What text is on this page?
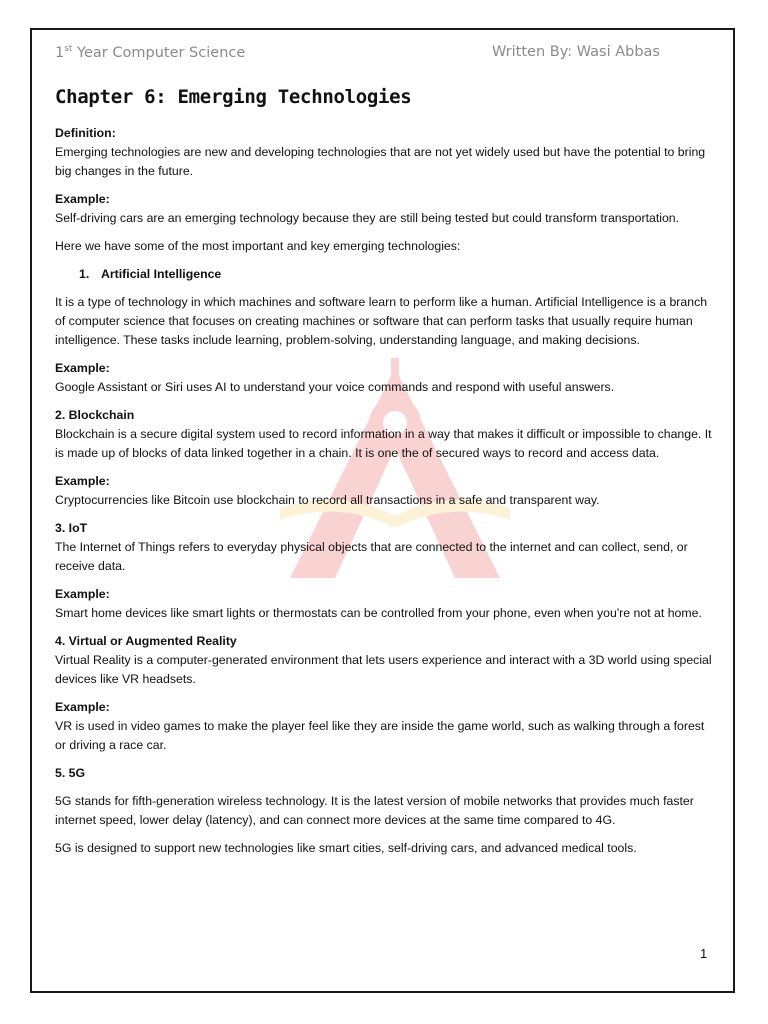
1st Year Computer Science	Written By: Wasi Abbas
Chapter 6: Emerging Technologies

Definition:
Emerging technologies are new and developing technologies that are not yet widely used but have the potential to bring big changes in the future.

Example:
Self-driving cars are an emerging technology because they are still being tested but could transform transportation.

Here we have some of the most important and key emerging technologies:

1. Artificial Intelligence

It is a type of technology in which machines and software learn to perform like a human. Artificial Intelligence is a branch of computer science that focuses on creating machines or software that can perform tasks that usually require human intelligence. These tasks include learning, problem-solving, understanding language, and making decisions.

Example:
Google Assistant or Siri uses AI to understand your voice commands and respond with useful answers.

2. Blockchain
Blockchain is a secure digital system used to record information in a way that makes it difficult or impossible to change. It is made up of blocks of data linked together in a chain. It is one the of secured ways to record and access data.

Example:
Cryptocurrencies like Bitcoin use blockchain to record all transactions in a safe and transparent way.

3. IoT
The Internet of Things refers to everyday physical objects that are connected to the internet and can collect, send, or receive data.

Example:
Smart home devices like smart lights or thermostats can be controlled from your phone, even when you're not at home.

4. Virtual or Augmented Reality
Virtual Reality is a computer-generated environment that lets users experience and interact with a 3D world using special devices like VR headsets.

Example:
VR is used in video games to make the player feel like they are inside the game world, such as walking through a forest or driving a race car.

5. 5G

5G stands for fifth-generation wireless technology. It is the latest version of mobile networks that provides much faster internet speed, lower delay (latency), and can connect more devices at the same time compared to 4G.

5G is designed to support new technologies like smart cities, self-driving cars, and advanced medical tools.

1
